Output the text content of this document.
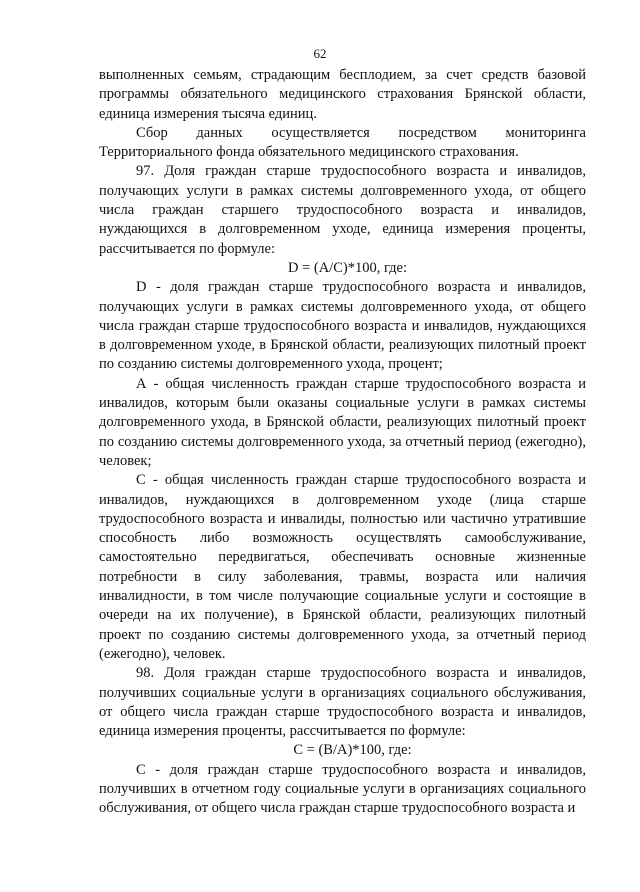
62

выполненных семьям, страдающим бесплодием, за счет средств базовой программы обязательного медицинского страхования Брянской области, единица измерения тысяча единиц.

Сбор данных осуществляется посредством мониторинга Территориального фонда обязательного медицинского страхования.

97. Доля граждан старше трудоспособного возраста и инвалидов, получающих услуги в рамках системы долговременного ухода, от общего числа граждан старшего трудоспособного возраста и инвалидов, нуждающихся в долговременном уходе, единица измерения проценты, рассчитывается по формуле:

D = (A/C)*100, где:

D - доля граждан старше трудоспособного возраста и инвалидов, получающих услуги в рамках системы долговременного ухода, от общего числа граждан старше трудоспособного возраста и инвалидов, нуждающихся в долговременном уходе, в Брянской области, реализующих пилотный проект по созданию системы долговременного ухода, процент;

А - общая численность граждан старше трудоспособного возраста и инвалидов, которым были оказаны социальные услуги в рамках системы долговременного ухода, в Брянской области, реализующих пилотный проект по созданию системы долговременного ухода, за отчетный период (ежегодно), человек;

С - общая численность граждан старше трудоспособного возраста и инвалидов, нуждающихся в долговременном уходе (лица старше трудоспособного возраста и инвалиды, полностью или частично утратившие способность либо возможность осуществлять самообслуживание, самостоятельно передвигаться, обеспечивать основные жизненные потребности в силу заболевания, травмы, возраста или наличия инвалидности, в том числе получающие социальные услуги и состоящие в очереди на их получение), в Брянской области, реализующих пилотный проект по созданию системы долговременного ухода, за отчетный период (ежегодно), человек.

98. Доля граждан старше трудоспособного возраста и инвалидов, получивших социальные услуги в организациях социального обслуживания, от общего числа граждан старше трудоспособного возраста и инвалидов, единица измерения проценты, рассчитывается по формуле:

C = (B/A)*100, где:

С - доля граждан старше трудоспособного возраста и инвалидов, получивших в отчетном году социальные услуги в организациях социального обслуживания, от общего числа граждан старше трудоспособного возраста и
